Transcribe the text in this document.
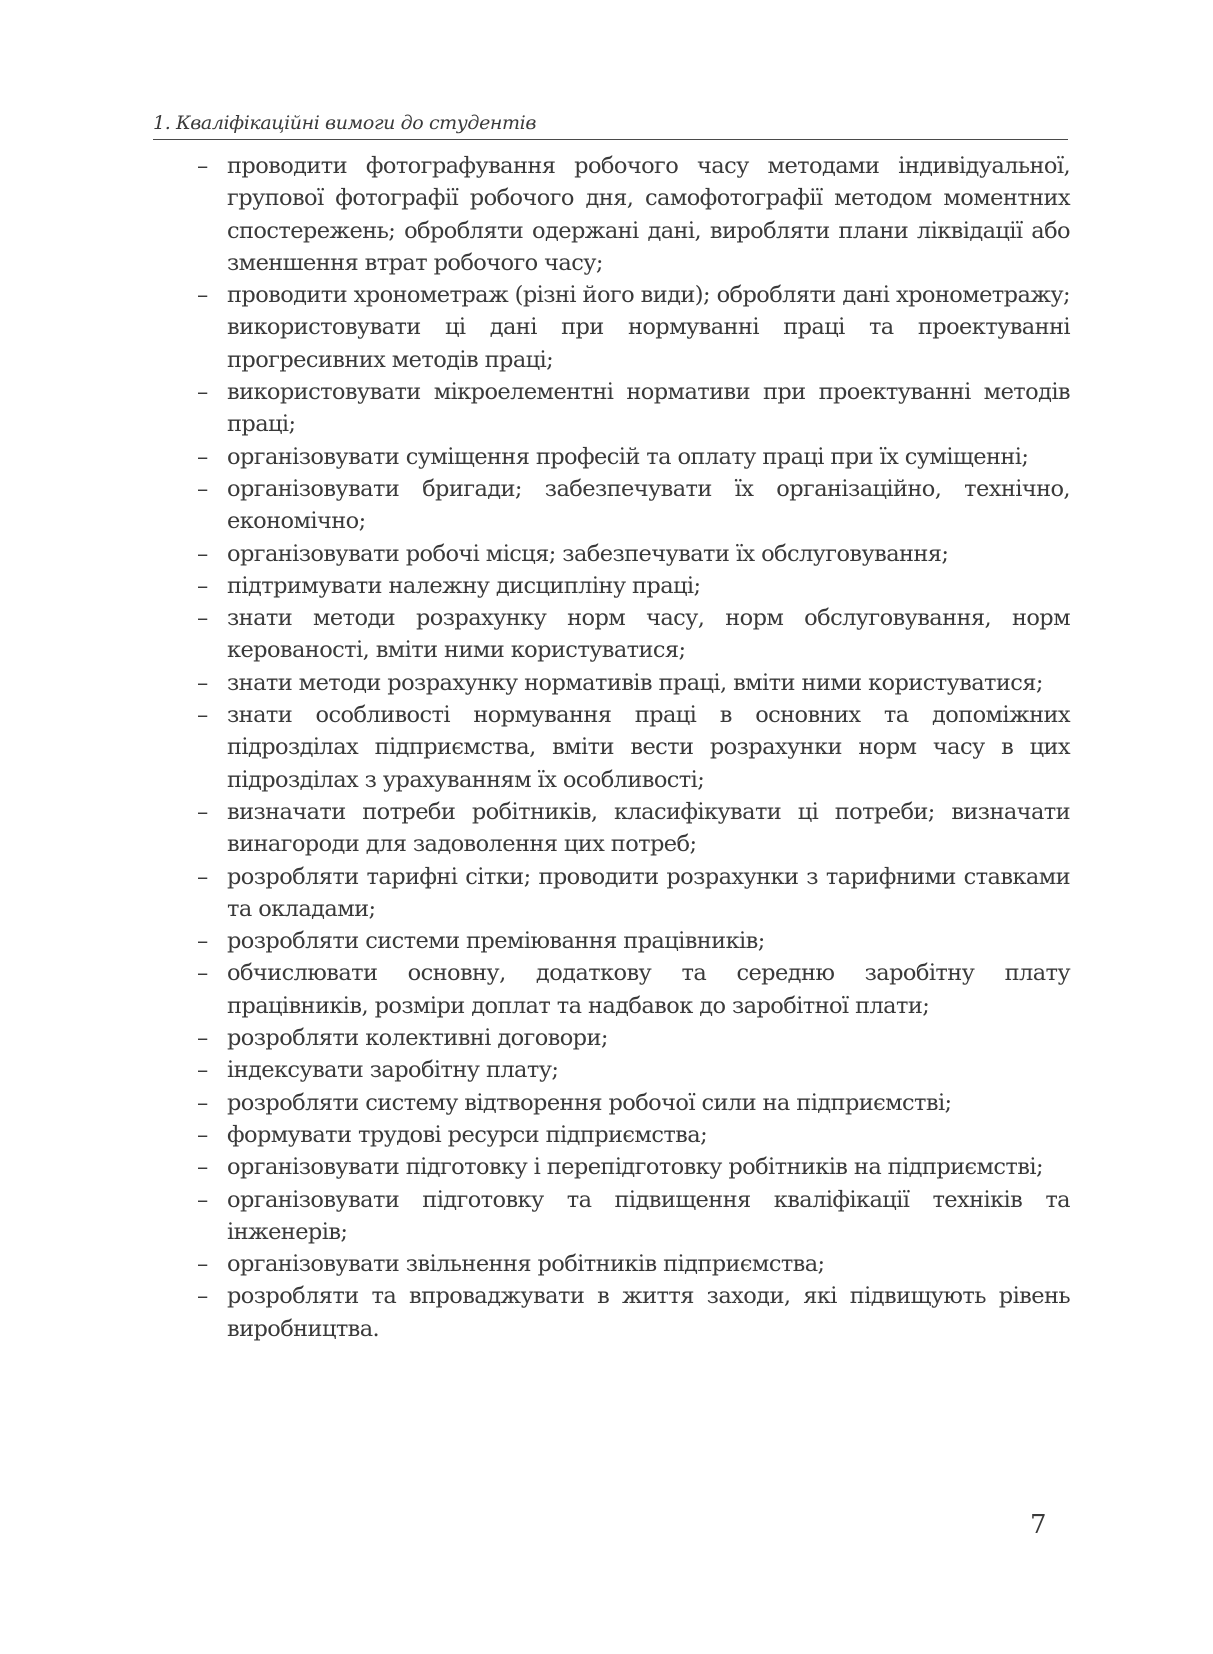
1. Кваліфікаційні вимоги до студентів
– проводити фотографування робочого часу методами індивідуальної, групової фотографії робочого дня, самофотографії методом моментних спостережень; обробляти одержані дані, виробляти плани ліквідації або зменшення втрат робочого часу;
– проводити хронометраж (різні його види); обробляти дані хронометражу; використовувати ці дані при нормуванні праці та проектуванні прогресивних методів праці;
– використовувати мікроелементні нормативи при проектуванні методів праці;
– організовувати суміщення професій та оплату праці при їх суміщенні;
– організовувати бригади; забезпечувати їх організаційно, технічно, економічно;
– організовувати робочі місця; забезпечувати їх обслуговування;
– підтримувати належну дисципліну праці;
– знати методи розрахунку норм часу, норм обслуговування, норм керованості, вміти ними користуватися;
– знати методи розрахунку нормативів праці, вміти ними користуватися;
– знати особливості нормування праці в основних та допоміжних підрозділах підприємства, вміти вести розрахунки норм часу в цих підрозділах з урахуванням їх особливості;
– визначати потреби робітників, класифікувати ці потреби; визначати винагороди для задоволення цих потреб;
– розробляти тарифні сітки; проводити розрахунки з тарифними ставками та окладами;
– розробляти системи преміювання працівників;
– обчислювати основну, додаткову та середню заробітну плату працівників, розміри доплат та надбавок до заробітної плати;
– розробляти колективні договори;
– індексувати заробітну плату;
– розробляти систему відтворення робочої сили на підприємстві;
– формувати трудові ресурси підприємства;
– організовувати підготовку і перепідготовку робітників на підприємстві;
– організовувати підготовку та підвищення кваліфікації техніків та інженерів;
– організовувати звільнення робітників підприємства;
– розробляти та впроваджувати в життя заходи, які підвищують рівень виробництва.
7
